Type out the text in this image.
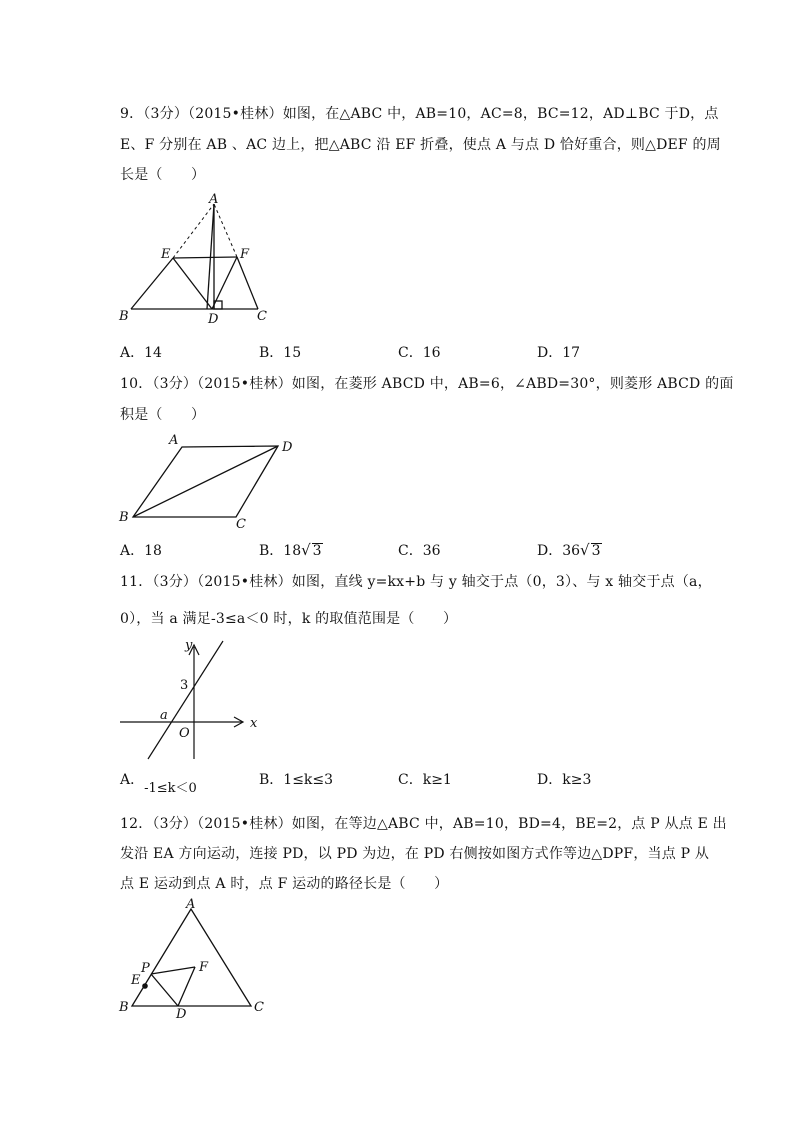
9．（3分）（2015•桂林）如图，在△ABC 中，AB=10，AC=8，BC=12，AD⊥BC 于D，点
E、F 分别在 AB 、AC 边上，把△ABC 沿 EF 折叠，使点 A 与点 D 恰好重合，则△DEF 的周
长是（　　）
A
E	F
B	D	C
A．14	B．15	C．16	D．17
10．（3分）（2015•桂林）如图，在菱形 ABCD 中，AB=6，∠ABD=30°，则菱形 ABCD 的面
积是（　　）
A	D
B	C
A．18	B．18√ 3	C．36	D．36√ 3
11．（3分）（2015•桂林）如图，直线 y=kx+b 与 y 轴交于点（0，3）、与 x 轴交于点（a，
0），当 a 满足-3≤a＜0 时，k 的取值范围是（　　）
y
x
3
a
O
A．-1≤k＜0
B．1≤k≤3	C．k≥1	D．k≥3
12．（3分）（2015•桂林）如图，在等边△ABC 中，AB=10，BD=4，BE=2，点 P 从点 E 出
发沿 EA 方向运动，连接 PD，以 PD 为边，在 PD 右侧按如图方式作等边△DPF，当点 P 从
点 E 运动到点 A 时，点 F 运动的路径长是（　　）
A
P	F
E
B	D	C
